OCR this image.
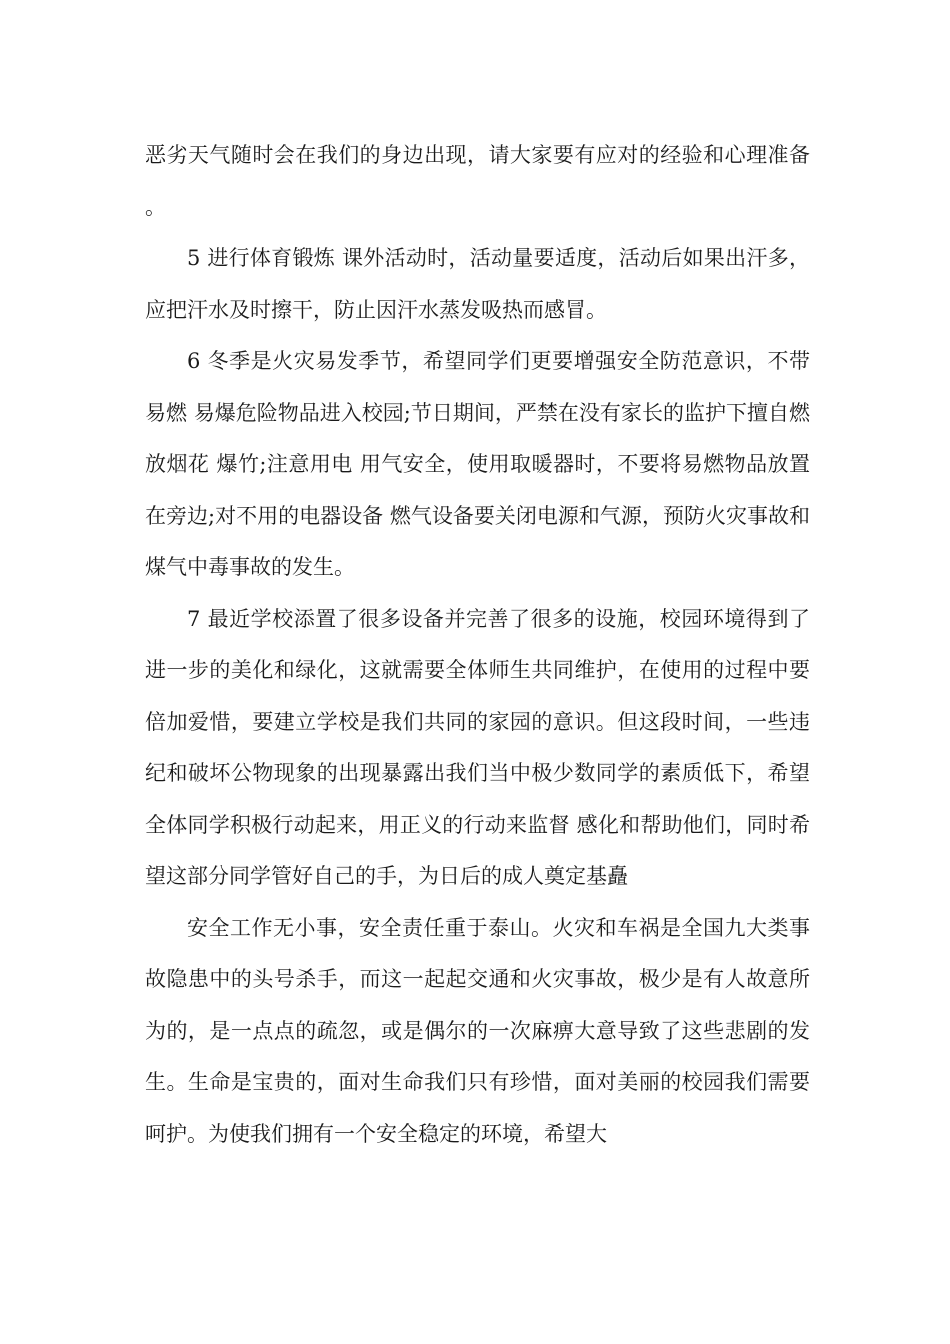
恶劣天气随时会在我们的身边出现，请大家要有应对的经验和心理准备。

5 进行体育锻炼 课外活动时，活动量要适度，活动后如果出汗多，应把汗水及时擦干，防止因汗水蒸发吸热而感冒。

6 冬季是火灾易发季节，希望同学们更要增强安全防范意识，不带易燃 易爆危险物品进入校园;节日期间，严禁在没有家长的监护下擅自燃放烟花 爆竹;注意用电 用气安全，使用取暖器时，不要将易燃物品放置在旁边;对不用的电器设备 燃气设备要关闭电源和气源，预防火灾事故和煤气中毒事故的发生。

7 最近学校添置了很多设备并完善了很多的设施，校园环境得到了进一步的美化和绿化，这就需要全体师生共同维护，在使用的过程中要倍加爱惜，要建立学校是我们共同的家园的意识。但这段时间，一些违纪和破坏公物现象的出现暴露出我们当中极少数同学的素质低下，希望全体同学积极行动起来，用正义的行动来监督 感化和帮助他们，同时希望这部分同学管好自己的手，为日后的成人奠定基矗

安全工作无小事，安全责任重于泰山。火灾和车祸是全国九大类事故隐患中的头号杀手，而这一起起交通和火灾事故，极少是有人故意所为的，是一点点的疏忽，或是偶尔的一次麻痹大意导致了这些悲剧的发生。生命是宝贵的，面对生命我们只有珍惜，面对美丽的校园我们需要呵护。为使我们拥有一个安全稳定的环境，希望大
